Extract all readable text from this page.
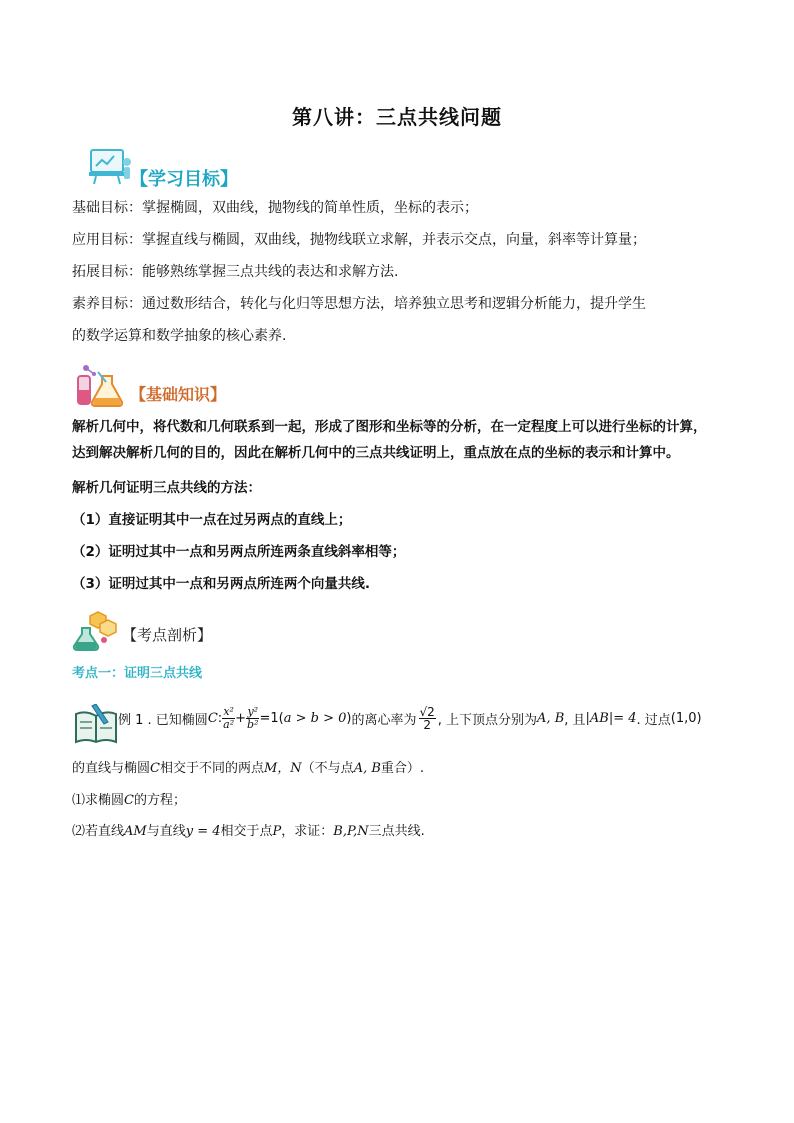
第八讲：三点共线问题
【学习目标】
基础目标：掌握椭圆，双曲线，抛物线的简单性质，坐标的表示；
应用目标：掌握直线与椭圆，双曲线，抛物线联立求解，并表示交点，向量，斜率等计算量；
拓展目标：能够熟练掌握三点共线的表达和求解方法.
素养目标：通过数形结合，转化与化归等思想方法，培养独立思考和逻辑分析能力，提升学生
的数学运算和数学抽象的核心素养.
【基础知识】
解析几何中，将代数和几何联系到一起，形成了图形和坐标等的分析，在一定程度上可以进行坐标的计算，
达到解决解析几何的目的，因此在解析几何中的三点共线证明上，重点放在点的坐标的表示和计算中。
解析几何证明三点共线的方法：
（1）直接证明其中一点在过另两点的直线上；
（2）证明过其中一点和另两点所连两条直线斜率相等；
（3）证明过其中一点和另两点所连两个向量共线.
【考点剖析】
考点一：证明三点共线
例 1 . 已知椭圆 C : $\frac{\text{x²}}{\text{a²}} + \frac{\text{y²}}{\text{b²}} =1$( a > b > 0 ) 的离心率为 $\frac{√2}{2}$ , 上下顶点分别为 A, B , 且 |AB|= 4 . 过点 (1,0)
的直线与椭圆C相交于不同的两点M，N（不与点A, B重合）.
⑴求椭圆C的方程；
⑵若直线AM与直线y = 4相交于点P，求证：B,P,N三点共线.
